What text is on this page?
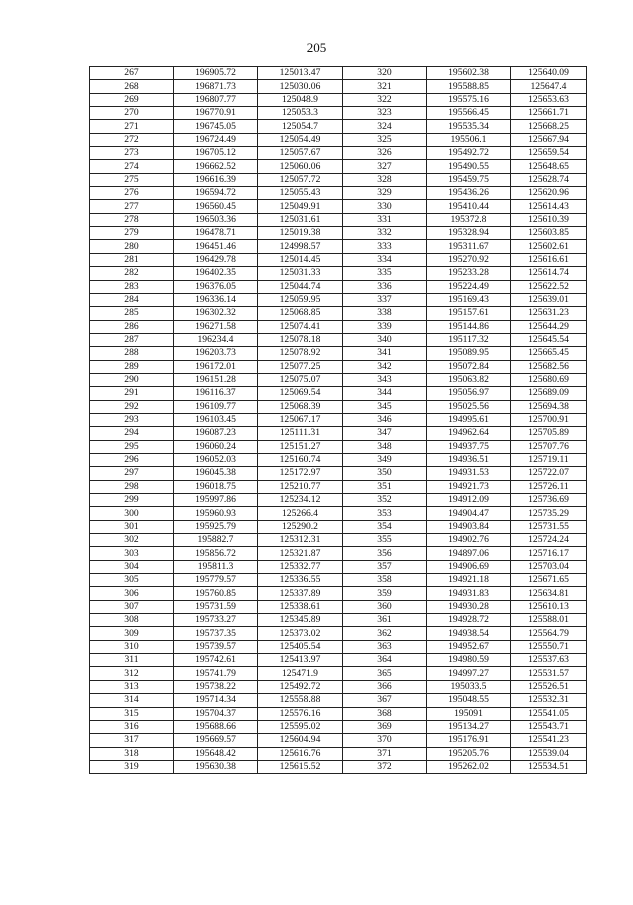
205
267	196905.72	125013.47	320	195602.38	125640.09
268	196871.73	125030.06	321	195588.85	125647.4
269	196807.77	125048.9	322	195575.16	125653.63
270	196770.91	125053.3	323	195566.45	125661.71
271	196745.05	125054.7	324	195535.34	125668.25
272	196724.49	125054.49	325	195506.1	125667.94
273	196705.12	125057.67	326	195492.72	125659.54
274	196662.52	125060.06	327	195490.55	125648.65
275	196616.39	125057.72	328	195459.75	125628.74
276	196594.72	125055.43	329	195436.26	125620.96
277	196560.45	125049.91	330	195410.44	125614.43
278	196503.36	125031.61	331	195372.8	125610.39
279	196478.71	125019.38	332	195328.94	125603.85
280	196451.46	124998.57	333	195311.67	125602.61
281	196429.78	125014.45	334	195270.92	125616.61
282	196402.35	125031.33	335	195233.28	125614.74
283	196376.05	125044.74	336	195224.49	125622.52
284	196336.14	125059.95	337	195169.43	125639.01
285	196302.32	125068.85	338	195157.61	125631.23
286	196271.58	125074.41	339	195144.86	125644.29
287	196234.4	125078.18	340	195117.32	125645.54
288	196203.73	125078.92	341	195089.95	125665.45
289	196172.01	125077.25	342	195072.84	125682.56
290	196151.28	125075.07	343	195063.82	125680.69
291	196116.37	125069.54	344	195056.97	125689.09
292	196109.77	125068.39	345	195025.56	125694.38
293	196103.45	125067.17	346	194995.61	125700.91
294	196087.23	125111.31	347	194962.64	125705.89
295	196060.24	125151.27	348	194937.75	125707.76
296	196052.03	125160.74	349	194936.51	125719.11
297	196045.38	125172.97	350	194931.53	125722.07
298	196018.75	125210.77	351	194921.73	125726.11
299	195997.86	125234.12	352	194912.09	125736.69
300	195960.93	125266.4	353	194904.47	125735.29
301	195925.79	125290.2	354	194903.84	125731.55
302	195882.7	125312.31	355	194902.76	125724.24
303	195856.72	125321.87	356	194897.06	125716.17
304	195811.3	125332.77	357	194906.69	125703.04
305	195779.57	125336.55	358	194921.18	125671.65
306	195760.85	125337.89	359	194931.83	125634.81
307	195731.59	125338.61	360	194930.28	125610.13
308	195733.27	125345.89	361	194928.72	125588.01
309	195737.35	125373.02	362	194938.54	125564.79
310	195739.57	125405.54	363	194952.67	125550.71
311	195742.61	125413.97	364	194980.59	125537.63
312	195741.79	125471.9	365	194997.27	125531.57
313	195738.22	125492.72	366	195033.5	125526.51
314	195714.34	125558.88	367	195048.55	125532.31
315	195704.37	125576.16	368	195091	125541.05
316	195688.66	125595.02	369	195134.27	125543.71
317	195669.57	125604.94	370	195176.91	125541.23
318	195648.42	125616.76	371	195205.76	125539.04
319	195630.38	125615.52	372	195262.02	125534.51
